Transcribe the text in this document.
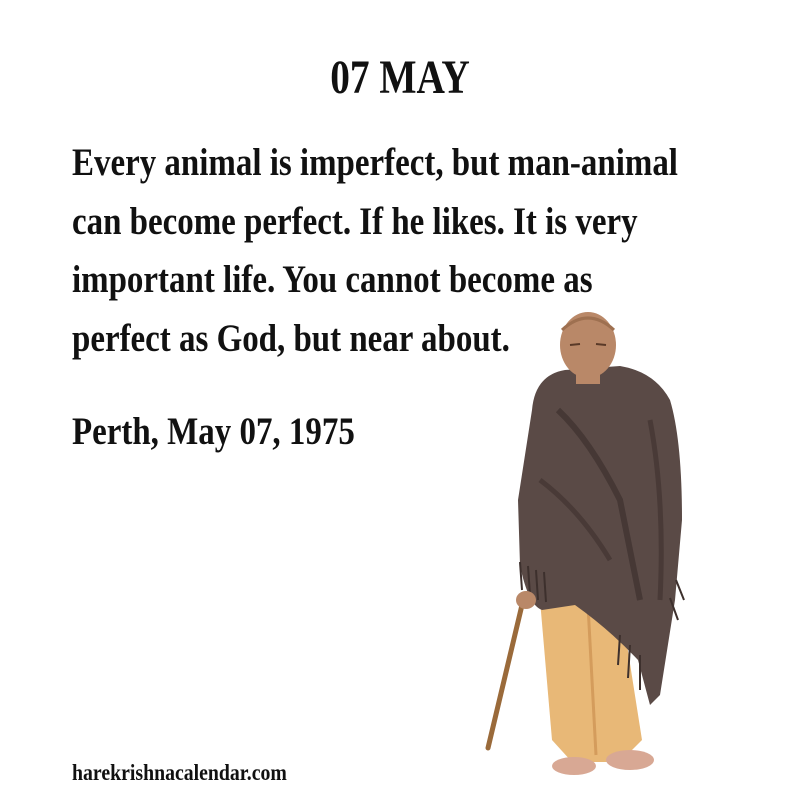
07 MAY
Every animal is imperfect, but man-animal
can become perfect. If he likes. It is very
important life. You cannot become as
perfect as God, but near about.
Perth, May 07, 1975
harekrishnacalendar.com
